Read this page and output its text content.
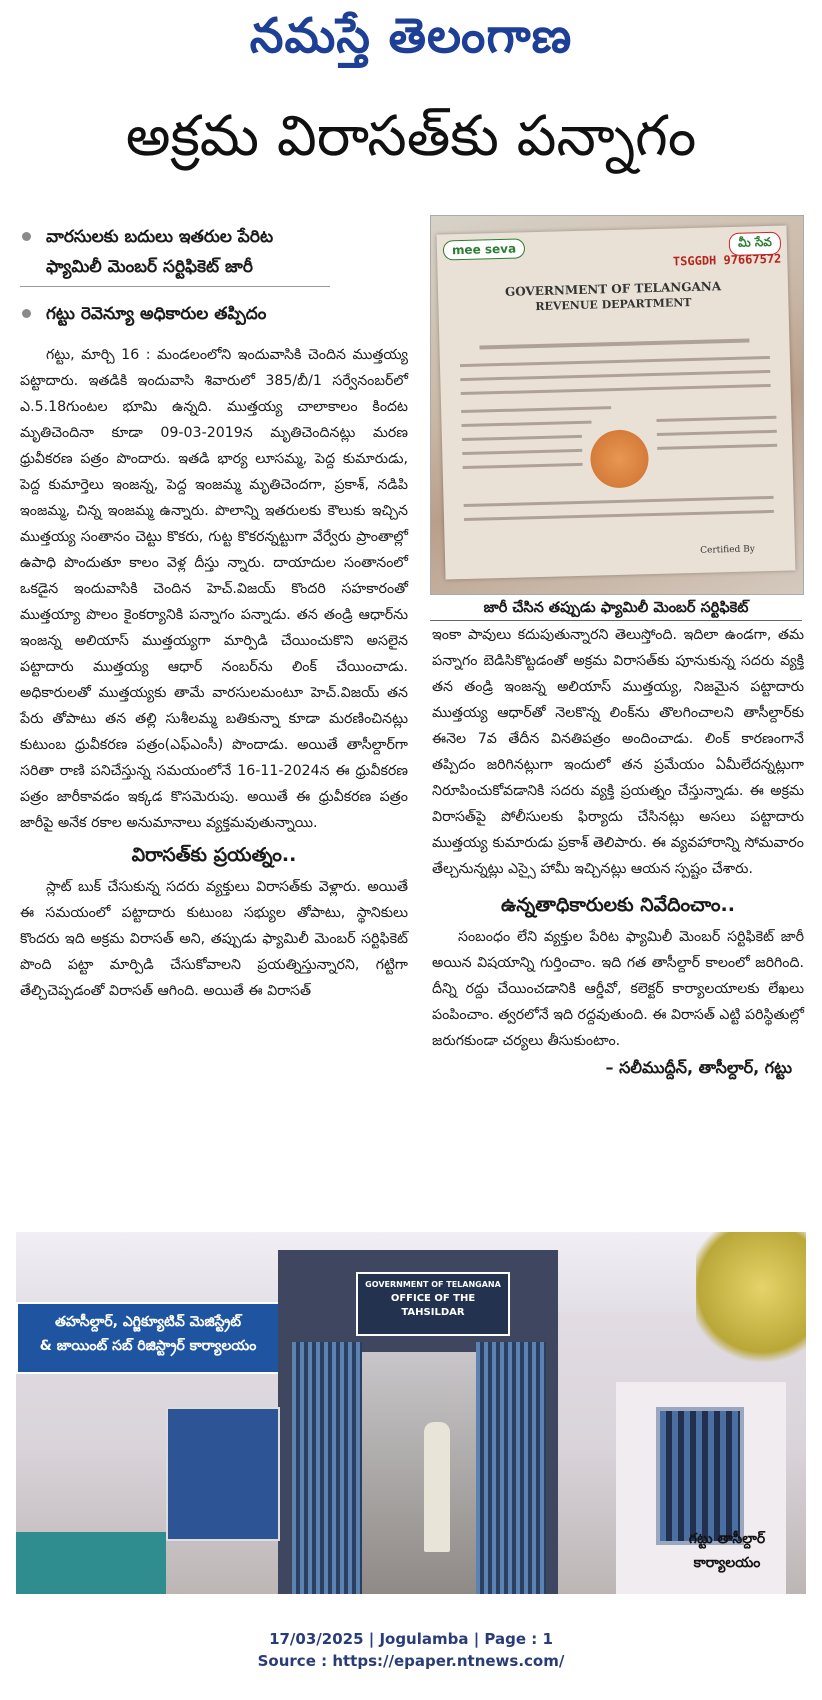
నమస్తే తెలంగాణ
అక్రమ విరాసత్‌కు పన్నాగం
వారసులకు బదులు ఇతరుల పేరిట ఫ్యామిలీ మెంబర్ సర్టిఫికెట్ జారీ
గట్టు రెవెన్యూ అధికారుల తప్పిదం

గట్టు, మార్చి 16 : మండలంలోని ఇందువాసికి చెందిన ముత్తయ్య పట్టాదారు. ఇతడికి ఇందువాసి శివారులో 385/బీ/1 సర్వేనంబర్‌లో ఎ.5.18గుంటల భూమి ఉన్నది. ముత్తయ్య చాలాకాలం కిందట మృతిచెందినా కూడా 09-03-2019న మృతిచెందినట్లు మరణ ధ్రువీకరణ పత్రం పొందారు. ఇతడి భార్య లూసమ్మ, పెద్ద కుమారుడు, పెద్ద కుమార్తెలు ఇంజన్న, పెద్ద ఇంజమ్మ మృతిచెందగా, ప్రకాశ్, నడిపి ఇంజమ్మ, చిన్న ఇంజమ్మ ఉన్నారు. పొలాన్ని ఇతరులకు కౌలుకు ఇచ్చిన ముత్తయ్య సంతానం చెట్టు కొకరు, గుట్ట కొకరన్నట్టుగా వేర్వేరు ప్రాంతాల్లో ఉపాధి పొందుతూ కాలం వెళ్ల దీస్తు న్నారు. దాయాదుల సంతానంలో ఒకడైన ఇందువాసికి చెందిన హెచ్.విజయ్ కొందరి సహకారంతో ముత్తయ్యా పొలం కైంకర్యానికి పన్నాగం పన్నాడు. తన తండ్రి ఆధార్‌ను ఇంజన్న అలియాస్ ముత్తయ్యగా మార్పిడి చేయించుకొని అసలైన పట్టాదారు ముత్తయ్య ఆధార్ నంబర్‌ను లింక్ చేయించాడు. అధికారులతో ముత్తయ్యకు తామే వారసులమంటూ హెచ్.విజయ్ తన పేరు తోపాటు తన తల్లి సుశీలమ్మ బతికున్నా కూడా మరణించినట్లు కుటుంబ ధ్రువీకరణ పత్రం(ఎఫ్‌ఎంసీ) పొందాడు. అయితే తాసీల్దార్‌గా సరితా రాణి పనిచేస్తున్న సమయంలోనే 16-11-2024న ఈ ధ్రువీకరణ పత్రం జారీకావడం ఇక్కడ కొసమెరుపు. అయితే ఈ ధ్రువీకరణ పత్రం జారీపై అనేక రకాల అనుమానాలు వ్యక్తమవుతున్నాయి.

విరాసత్‌కు ప్రయత్నం..

స్లాట్ బుక్ చేసుకున్న సదరు వ్యక్తులు విరాసత్‌కు వెళ్లారు. అయితే ఈ సమయంలో పట్టాదారు కుటుంబ సభ్యుల తోపాటు, స్థానికులు కొందరు ఇది అక్రమ విరాసత్ అని, తప్పుడు ఫ్యామిలీ మెంబర్ సర్టిఫికెట్ పొంది పట్టా మార్పిడి చేసుకోవాలని ప్రయత్నిస్తున్నారని, గట్టిగా తేల్చిచెప్పడంతో విరాసత్ ఆగింది. అయితే ఈ విరాసత్‌

mee seva	మీ సేవ
TSGGDH 97667572
GOVERNMENT OF TELANGANA
REVENUE DEPARTMENT
Certified By
జారీ చేసిన తప్పుడు ఫ్యామిలీ మెంబర్ సర్టిఫికెట్

ఇంకా పావులు కదుపుతున్నారని తెలుస్తోంది. ఇదిలా ఉండగా, తమ పన్నాగం బెడిసికొట్టడంతో అక్రమ విరాసత్‌కు పూనుకున్న సదరు వ్యక్తి తన తండ్రి ఇంజన్న అలియాస్ ముత్తయ్య, నిజమైన పట్టాదారు ముత్తయ్య ఆధార్‌తో నెలకొన్న లింక్‌ను తొలగించాలని తాసీల్దార్‌కు ఈనెల 7వ తేదీన వినతిపత్రం అందించాడు. లింక్ కారణంగానే తప్పిదం జరిగినట్లుగా ఇందులో తన ప్రమేయం ఏమీలేదన్నట్లుగా నిరూపించుకోవడానికి సదరు వ్యక్తి ప్రయత్నం చేస్తున్నాడు. ఈ అక్రమ విరాసత్‌పై పోలీసులకు ఫిర్యాదు చేసినట్లు అసలు పట్టాదారు ముత్తయ్య కుమారుడు ప్రకాశ్ తెలిపారు. ఈ వ్యవహారాన్ని సోమవారం తేల్చనున్నట్లు ఎస్సై హామీ ఇచ్చినట్లు ఆయన స్పష్టం చేశారు.

ఉన్నతాధికారులకు నివేదించాం..

సంబంధం లేని వ్యక్తుల పేరిట ఫ్యామిలీ మెంబర్ సర్టిఫికెట్ జారీ అయిన విషయాన్ని గుర్తించాం. ఇది గత తాసీల్దార్ కాలంలో జరిగింది. దీన్ని రద్దు చేయించడానికి ఆర్డీవో, కలెక్టర్ కార్యాలయాలకు లేఖలు పంపించాం. త్వరలోనే ఇది రద్దవుతుంది. ఈ విరాసత్ ఎట్టి పరిస్థితుల్లో జరుగకుండా చర్యలు తీసుకుంటాం.

– సలీముద్దీన్, తాసీల్దార్, గట్టు
తహసీల్దార్, ఎగ్జిక్యూటివ్ మెజిస్ట్రేట్
& జాయింట్ సబ్ రిజిస్ట్రార్ కార్యాలయం
GOVERNMENT OF TELANGANA
OFFICE OF THE TAHSILDAR
గట్టు తాసీల్దార్
కార్యాలయం
17/03/2025 | Jogulamba | Page : 1
Source : https://epaper.ntnews.com/
